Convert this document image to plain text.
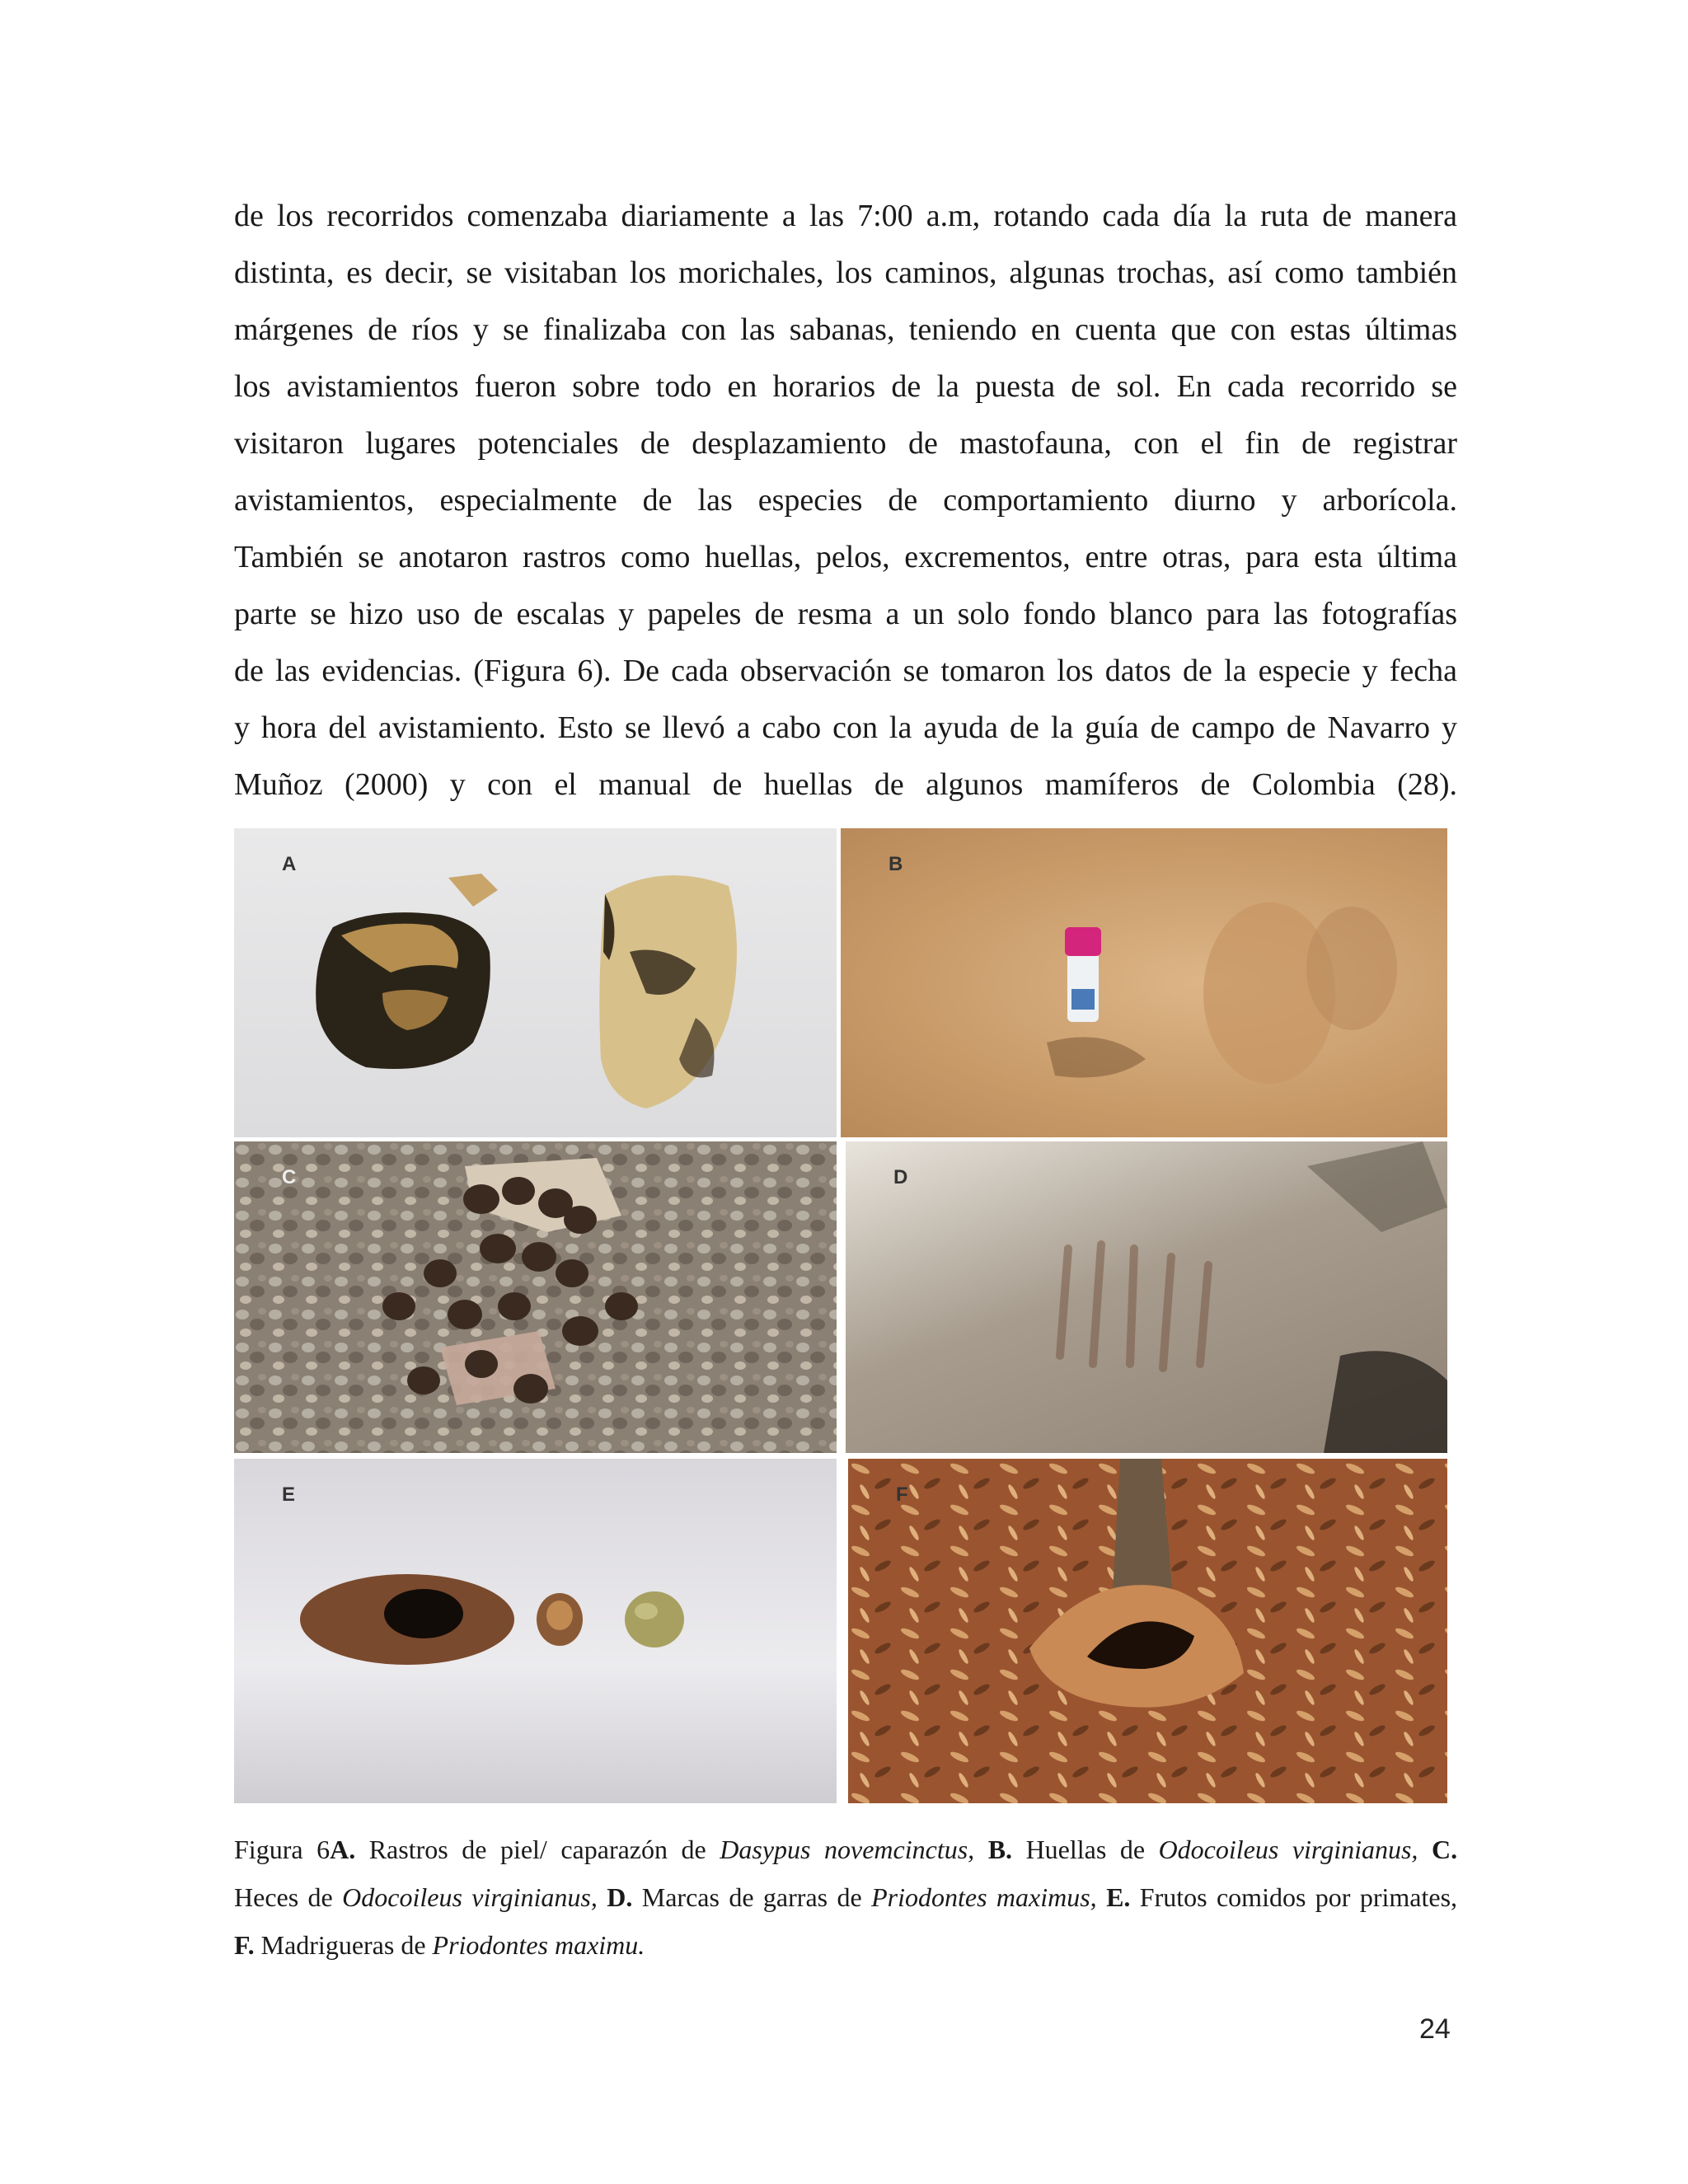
de los recorridos comenzaba diariamente a las 7:00 a.m, rotando cada día la ruta de manera
distinta, es decir, se visitaban los morichales, los caminos, algunas trochas, así como también
márgenes de ríos y se finalizaba con las sabanas, teniendo en cuenta que con estas últimas
los avistamientos fueron sobre todo en horarios de la puesta de sol. En cada recorrido se
visitaron lugares potenciales de desplazamiento de mastofauna, con el fin de registrar
avistamientos, especialmente de las especies de comportamiento diurno y arborícola.
También se anotaron rastros como huellas, pelos, excrementos, entre otras, para esta última
parte se hizo uso de escalas y papeles de resma a un solo fondo blanco para las fotografías
de las evidencias. (Figura 6). De cada observación se tomaron los datos de la especie y fecha
y hora del avistamiento. Esto se llevó a cabo con la ayuda de la guía de campo de Navarro y
Muñoz (2000) y con el manual de huellas de algunos mamíferos de Colombia (28).
A	B
C	D
E	F
Figura 6A. Rastros de piel/ caparazón de Dasypus novemcinctus, B. Huellas de Odocoileus virginianus, C.
Heces de Odocoileus virginianus, D. Marcas de garras de Priodontes maximus, E. Frutos comidos por primates,
F. Madrigueras de Priodontes maximu.
24
